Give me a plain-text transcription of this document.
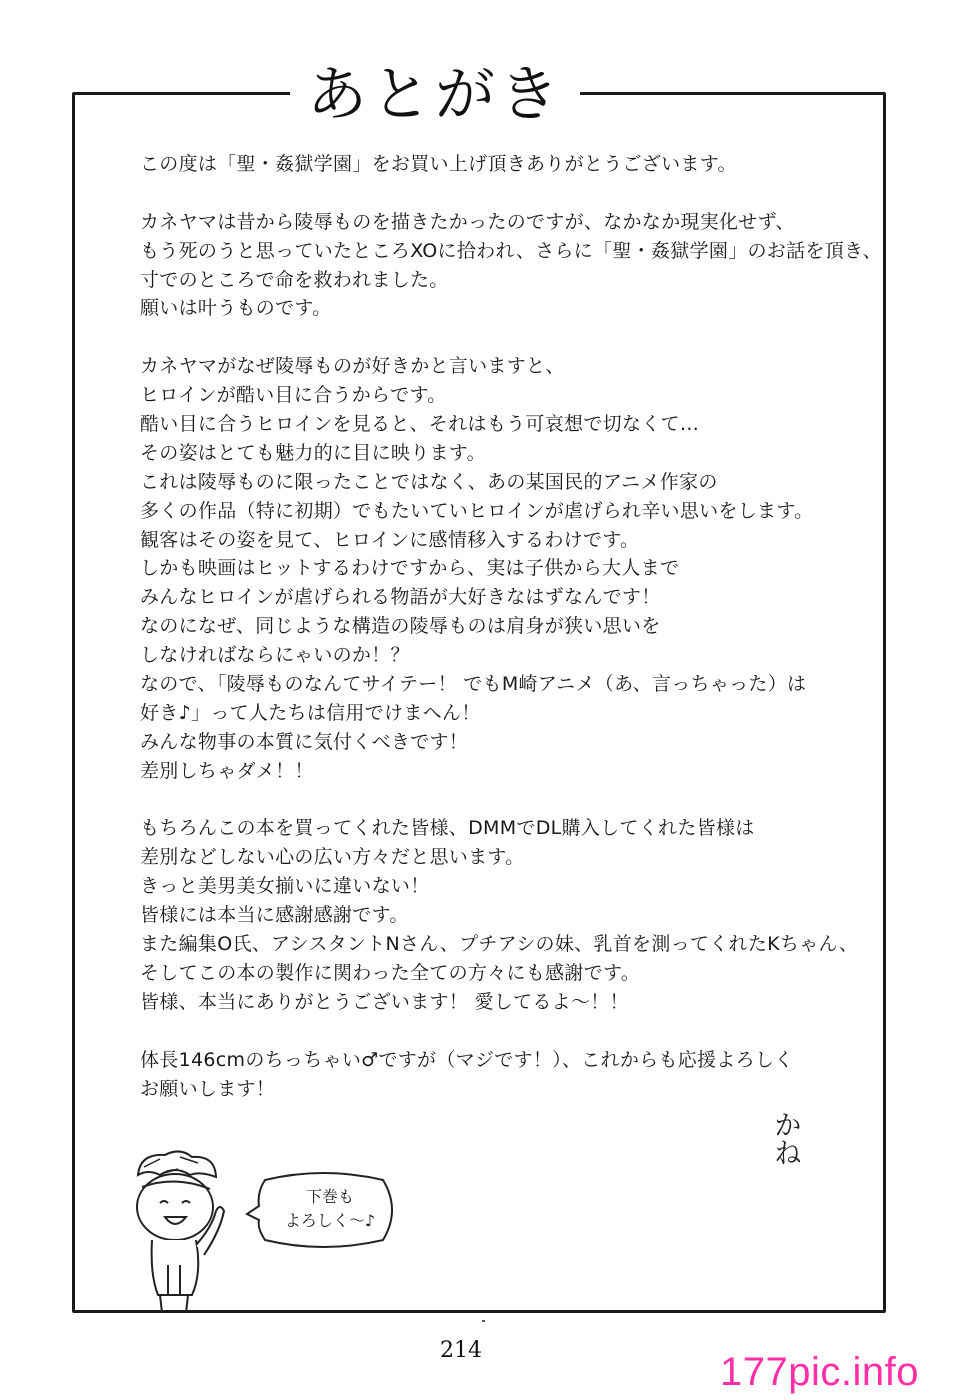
あとがき
この度は「聖・姦獄学園」をお買い上げ頂きありがとうございます。
カネヤマは昔から陵辱ものを描きたかったのですが、なかなか現実化せず、
もう死のうと思っていたところXOに拾われ、さらに「聖・姦獄学園」のお話を頂き、
寸でのところで命を救われました。
願いは叶うものです。
カネヤマがなぜ陵辱ものが好きかと言いますと、
ヒロインが酷い目に合うからです。
酷い目に合うヒロインを見ると、それはもう可哀想で切なくて…
その姿はとても魅力的に目に映ります。
これは陵辱ものに限ったことではなく、あの某国民的アニメ作家の
多くの作品（特に初期）でもたいていヒロインが虐げられ辛い思いをします。
観客はその姿を見て、ヒロインに感情移入するわけです。
しかも映画はヒットするわけですから、実は子供から大人まで
みんなヒロインが虐げられる物語が大好きなはずなんです！
なのになぜ、同じような構造の陵辱ものは肩身が狭い思いを
しなければならにゃいのか！？
なので、「陵辱ものなんてサイテー！ でもM崎アニメ（あ、言っちゃった）は
好き♪」って人たちは信用でけまへん！
みんな物事の本質に気付くべきです！
差別しちゃダメ！！
もちろんこの本を買ってくれた皆様、DMMでDL購入してくれた皆様は
差別などしない心の広い方々だと思います。
きっと美男美女揃いに違いない！
皆様には本当に感謝感謝です。
また編集O氏、アシスタントNさん、プチアシの妹、乳首を測ってくれたKちゃん、
そしてこの本の製作に関わった全ての方々にも感謝です。
皆様、本当にありがとうございます！ 愛してるよ～！！
体長146cmのちっちゃい♂ですが（マジです！）、これからも応援よろしく
お願いします！
かね
下巻も
よろしく～♪
214	177pic.info
